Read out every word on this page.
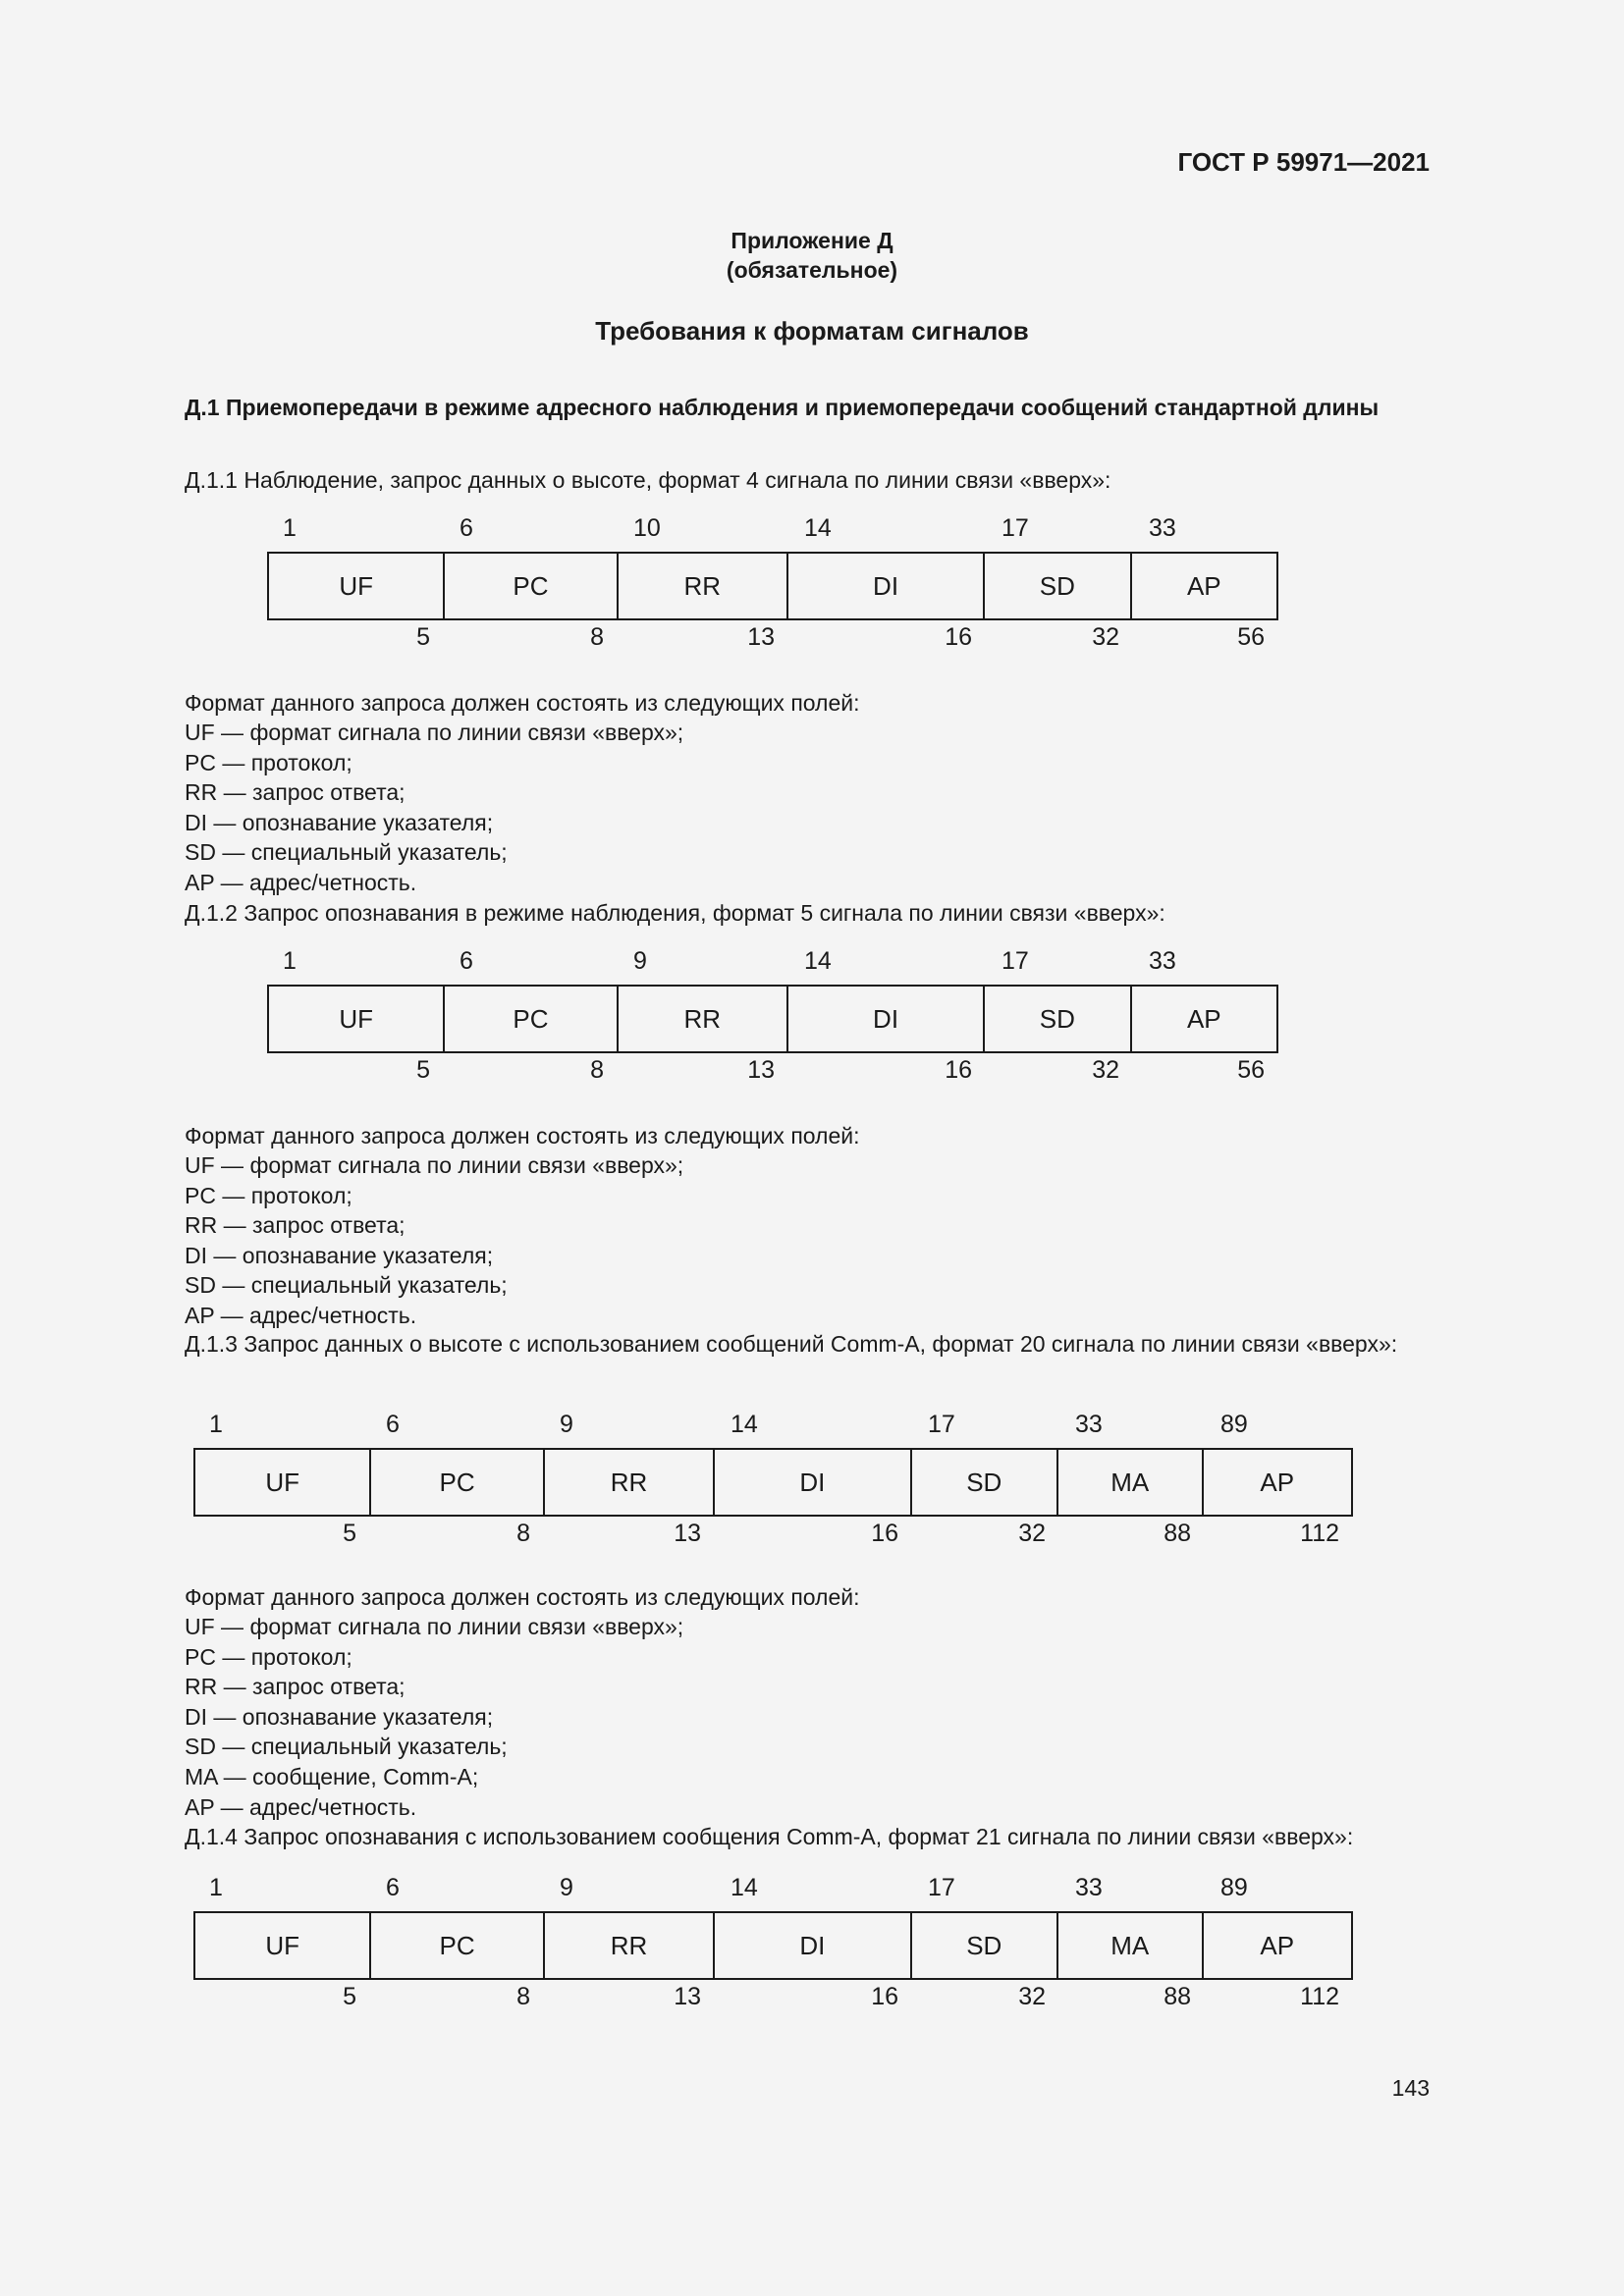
ГОСТ Р 59971—2021
Приложение Д
(обязательное)
Требования к форматам сигналов
Д.1 Приемопередачи в режиме адресного наблюдения и приемопередачи сообщений стандартной длины
Д.1.1 Наблюдение, запрос данных о высоте, формат 4 сигнала по линии связи «вверх»:
UF	PC	RR	DI	SD	AP
1
5
6
8
10
13
14
16
17
32
33
56
Формат данного запроса должен состоять из следующих полей:
UF — формат сигнала по линии связи «вверх»;
PC — протокол;
RR — запрос ответа;
DI — опознавание указателя;
SD — специальный указатель;
AP — адрес/четность.
Д.1.2 Запрос опознавания в режиме наблюдения, формат 5 сигнала по линии связи «вверх»:
UF	PC	RR	DI	SD	AP
1
5
6
8
9
13
14
16
17
32
33
56
Формат данного запроса должен состоять из следующих полей:
UF — формат сигнала по линии связи «вверх»;
PC — протокол;
RR — запрос ответа;
DI — опознавание указателя;
SD — специальный указатель;
AP — адрес/четность.
Д.1.3 Запрос данных о высоте с использованием сообщений Comm-A, формат 20 сигнала по линии связи «вверх»:
UF	PC	RR	DI	SD	MA	AP
1
5
6
8
9
13
14
16
17
32
33
88
89
112
Формат данного запроса должен состоять из следующих полей:
UF — формат сигнала по линии связи «вверх»;
PC — протокол;
RR — запрос ответа;
DI — опознавание указателя;
SD — специальный указатель;
MA — сообщение, Comm-A;
AP — адрес/четность.
Д.1.4 Запрос опознавания с использованием сообщения Comm-A, формат 21 сигнала по линии связи «вверх»:
UF	PC	RR	DI	SD	MA	AP
1
5
6
8
9
13
14
16
17
32
33
88
89
112
143
